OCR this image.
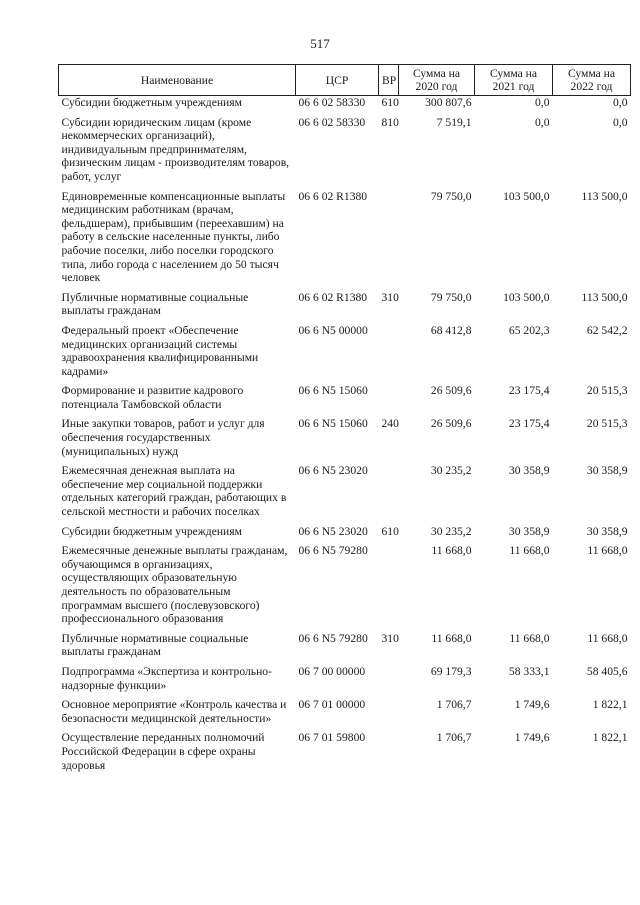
517
Наименование	ЦСР	ВР	Сумма на 2020 год	Сумма на 2021 год	Сумма на 2022 год
Субсидии бюджетным учреждениям	06 6 02 58330	610	300 807,6	0,0	0,0
Субсидии юридическим лицам (кроме некоммерческих организаций), индивидуальным предпринимателям, физическим лицам - производителям товаров, работ, услуг	06 6 02 58330	810	7 519,1	0,0	0,0
Единовременные компенсационные выплаты медицинским работникам (врачам, фельдшерам), прибывшим (переехавшим) на работу в сельские населенные пункты, либо рабочие поселки, либо поселки городского типа, либо города с населением до 50 тысяч человек	06 6 02 R1380		79 750,0	103 500,0	113 500,0
Публичные нормативные социальные выплаты гражданам	06 6 02 R1380	310	79 750,0	103 500,0	113 500,0
Федеральный проект «Обеспечение медицинских организаций системы здравоохранения квалифицированными кадрами»	06 6 N5 00000		68 412,8	65 202,3	62 542,2
Формирование и развитие кадрового потенциала Тамбовской области	06 6 N5 15060		26 509,6	23 175,4	20 515,3
Иные закупки товаров, работ и услуг для обеспечения государственных (муниципальных) нужд	06 6 N5 15060	240	26 509,6	23 175,4	20 515,3
Ежемесячная денежная выплата на обеспечение мер социальной поддержки отдельных категорий граждан, работающих в сельской местности и рабочих поселках	06 6 N5 23020		30 235,2	30 358,9	30 358,9
Субсидии бюджетным учреждениям	06 6 N5 23020	610	30 235,2	30 358,9	30 358,9
Ежемесячные денежные выплаты гражданам, обучающимся в организациях, осуществляющих образовательную деятельность по образовательным программам высшего (послевузовского) профессионального образования	06 6 N5 79280		11 668,0	11 668,0	11 668,0
Публичные нормативные социальные выплаты гражданам	06 6 N5 79280	310	11 668,0	11 668,0	11 668,0
Подпрограмма «Экспертиза и контрольно-надзорные функции»	06 7 00 00000		69 179,3	58 333,1	58 405,6
Основное мероприятие «Контроль качества и безопасности медицинской деятельности»	06 7 01 00000		1 706,7	1 749,6	1 822,1
Осуществление переданных полномочий Российской Федерации в сфере охраны здоровья	06 7 01 59800		1 706,7	1 749,6	1 822,1
